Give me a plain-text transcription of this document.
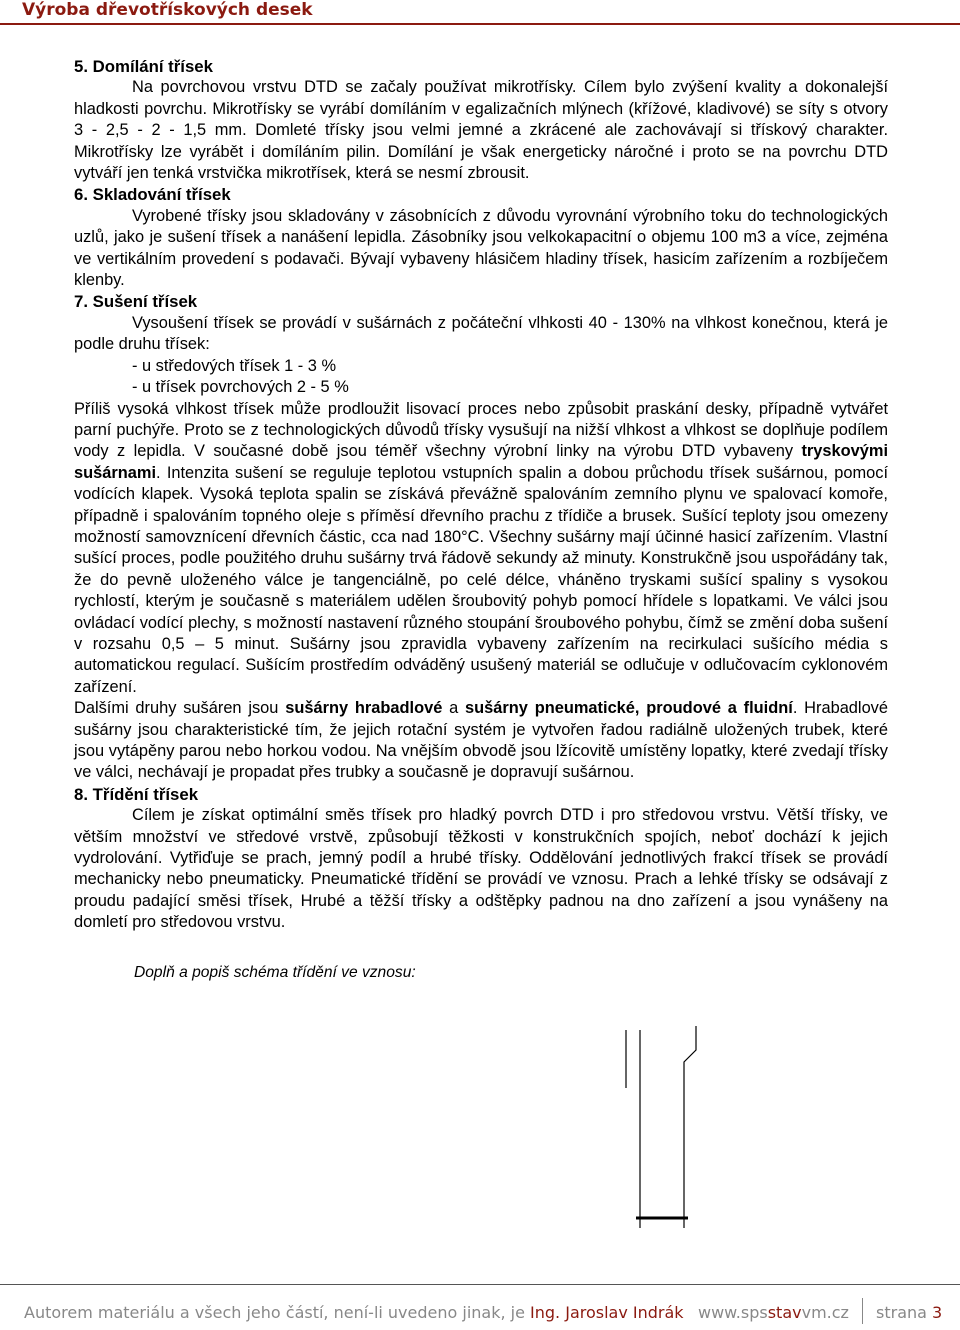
Výroba dřevotřískových desek

5. Domílání třísek

Na povrchovou vrstvu DTD se začaly používat mikrotřísky. Cílem bylo zvýšení kvality a dokonalejší hladkosti povrchu. Mikrotřísky se vyrábí domíláním v egalizačních mlýnech (křížové, kladivové) se síty s otvory 3 - 2,5 - 2 - 1,5 mm. Domleté třísky jsou velmi jemné a zkrácené ale zachovávají si třískový charakter. Mikrotřísky lze vyrábět i domíláním pilin. Domílání je však energeticky náročné i proto se na povrchu DTD vytváří jen tenká vrstvička mikrotřísek, která se nesmí zbrousit.

6. Skladování třísek

Vyrobené třísky jsou skladovány v zásobnících z důvodu vyrovnání výrobního toku do technologických uzlů, jako je sušení třísek a nanášení lepidla. Zásobníky jsou velkokapacitní o objemu 100 m3 a více, zejména ve vertikálním provedení s podavači. Bývají vybaveny hlásičem hladiny třísek, hasicím zařízením a rozbíječem klenby.

7. Sušení třísek

Vysoušení třísek se provádí v sušárnách z počáteční vlhkosti 40 - 130% na vlhkost konečnou, která je podle druhu třísek:

- u středových třísek 1 - 3 %

- u třísek povrchových 2 - 5 %

Příliš vysoká vlhkost třísek může prodloužit lisovací proces nebo způsobit praskání desky, případně vytvářet parní puchýře. Proto se z technologických důvodů třísky vysušují na nižší vlhkost a vlhkost se doplňuje podílem vody z lepidla. V současné době jsou téměř všechny výrobní linky na výrobu DTD vybaveny tryskovými sušárnami. Intenzita sušení se reguluje teplotou vstupních spalin a dobou průchodu třísek sušárnou, pomocí vodících klapek. Vysoká teplota spalin se získává převážně spalováním zemního plynu ve spalovací komoře, případně i spalováním topného oleje s příměsí dřevního prachu z třídiče a brusek. Sušící teploty jsou omezeny možností samovznícení dřevních částic, cca nad 180°C. Všechny sušárny mají účinné hasicí zařízením. Vlastní sušící proces, podle použitého druhu sušárny trvá řádově sekundy až minuty. Konstrukčně jsou uspořádány tak, že do pevně uloženého válce je tangenciálně, po celé délce, vháněno tryskami sušící spaliny s vysokou rychlostí, kterým je současně s materiálem udělen šroubovitý pohyb pomocí hřídele s lopatkami. Ve válci jsou ovládací vodící plechy, s možností nastavení různého stoupání šroubového pohybu, čímž se změní doba sušení v rozsahu 0,5 – 5 minut. Sušárny jsou zpravidla vybaveny zařízením na recirkulaci sušícího média s automatickou regulací. Sušícím prostředím odváděný usušený materiál se odlučuje v odlučovacím cyklonovém zařízení.

Dalšími druhy sušáren jsou sušárny hrabadlové a sušárny pneumatické, proudové a fluidní. Hrabadlové sušárny jsou charakteristické tím, že jejich rotační systém je vytvořen řadou radiálně uložených trubek, které jsou vytápěny parou nebo horkou vodou. Na vnějším obvodě jsou lžícovitě umístěny lopatky, které zvedají třísky ve válci, nechávají je propadat přes trubky a současně je dopravují sušárnou.

8. Třídění třísek

Cílem je získat optimální směs třísek pro hladký povrch DTD i pro středovou vrstvu. Větší třísky, ve větším množství ve středové vrstvě, způsobují těžkosti v konstrukčních spojích, neboť dochází k jejich vydrolování. Vytřiďuje se prach, jemný podíl a hrubé třísky. Oddělování jednotlivých frakcí třísek se provádí mechanicky nebo pneumaticky. Pneumatické třídění se provádí ve vznosu. Prach a lehké třísky se odsávají z proudu padající směsi třísek, Hrubé a těžší třísky a odštěpky padnou na dno zařízení a jsou vynášeny na domletí pro středovou vrstvu.

Doplň a popiš schéma třídění ve vznosu:

Autorem materiálu a všech jeho částí, není-li uvedeno jinak, je Ing. Jaroslav Indrák www.spsstavvm.cz strana 3
